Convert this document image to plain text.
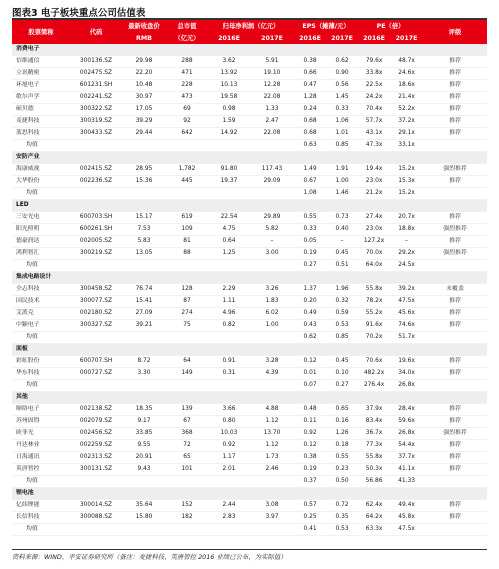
图表3 电子板块重点公司估值表
股票简称	代码	最新收盘价	总市值	归母净利润（亿元）		EPS（摊薄/元）		PE（倍）		评级
		RMB	（亿元）	2016E	2017E	2016E	2017E	2016E	2017E	
消费电子										
信维通信	300136.SZ	29.98	288	3.62	5.91	0.38	0.62	79.6x	48.7x	推荐
立讯精密	002475.SZ	22.20	471	13.92	19.10	0.66	0.90	33.8x	24.6x	推荐
环旭电子	601231.SH	10.48	228	10.13	12.28	0.47	0.56	22.5x	18.6x	推荐
歌尔声学	002241.SZ	30.97	473	19.58	22.08	1.28	1.45	24.2x	21.4x	推荐
硕贝德	300322.SZ	17.05	69	0.98	1.33	0.24	0.33	70.4x	52.2x	推荐
麦捷科技	300319.SZ	39.29	92	1.59	2.47	0.68	1.06	57.7x	37.2x	推荐
蓝思科技	300433.SZ	29.44	642	14.92	22.08	0.68	1.01	43.1x	29.1x	推荐
均值						0.63	0.85	47.3x	33.1x	
安防产业										
海康威视	002415.SZ	28.95	1,782	91.80	117.43	1.49	1.91	19.4x	15.2x	强烈推荐
大华股份	002236.SZ	15.36	445	19.37	29.09	0.67	1.00	23.0x	15.3x	推荐
均值						1.08	1.46	21.2x	15.2x	
LED										
三安光电	600703.SH	15.17	619	22.54	29.89	0.55	0.73	27.4x	20.7x	推荐
阳光照明	600261.SH	7.53	109	4.75	5.82	0.33	0.40	23.0x	18.8x	强烈推荐
德豪润达	002005.SZ	5.83	81	0.64	–	0.05	–	127.2x	–	推荐
鸿利智汇	300219.SZ	13.05	88	1.25	3.00	0.19	0.45	70.0x	29.2x	强烈推荐
均值						0.27	0.51	64.0x	24.5x	
集成电路设计										
全志科技	300458.SZ	76.74	128	2.29	3.26	1.37	1.96	55.8x	39.2x	未覆盖
国民技术	300077.SZ	15.41	87	1.11	1.83	0.20	0.32	78.2x	47.5x	推荐
艾派克	002180.SZ	27.09	274	4.96	6.02	0.49	0.59	55.2x	45.6x	推荐
中颖电子	300327.SZ	39.21	75	0.82	1.00	0.43	0.53	91.6x	74.6x	推荐
均值						0.62	0.85	70.2x	51.7x	
面板										
彩虹股份	600707.SH	8.72	64	0.91	3.28	0.12	0.45	70.6x	19.6x	推荐
华东科技	000727.SZ	3.30	149	0.31	4.39	0.01	0.10	482.2x	34.0x	推荐
均值						0.07	0.27	276.4x	26.8x	
其他										
顺络电子	002138.SZ	18.35	139	3.66	4.88	0.48	0.65	37.9x	28.4x	推荐
苏州固锝	002079.SZ	9.17	67	0.80	1.12	0.11	0.16	83.4x	59.6x	推荐
欧菲光	002456.SZ	33.85	368	10.03	13.70	0.92	1.26	36.7x	26.8x	强烈推荐
丹达林业	002259.SZ	9.55	72	0.92	1.12	0.12	0.18	77.3x	54.4x	推荐
日海通讯	002313.SZ	20.91	65	1.17	1.73	0.38	0.55	55.8x	37.7x	推荐
英唐智控	300131.SZ	9.43	101	2.01	2.46	0.19	0.23	50.3x	41.1x	推荐
均值						0.37	0.50	56.86	41.33	
锂电池										
亿纬锂能	300014.SZ	35.64	152	2.44	3.08	0.57	0.72	62.4x	49.4x	推荐
长信科技	300088.SZ	15.80	182	2.83	3.97	0.25	0.35	64.2x	45.8x	推荐
均值						0.41	0.53	63.3x	47.5x	
资料来源：WIND，平安证券研究所（备注：麦捷科技、英唐智控 2016 业绩已公布，为实际值）
